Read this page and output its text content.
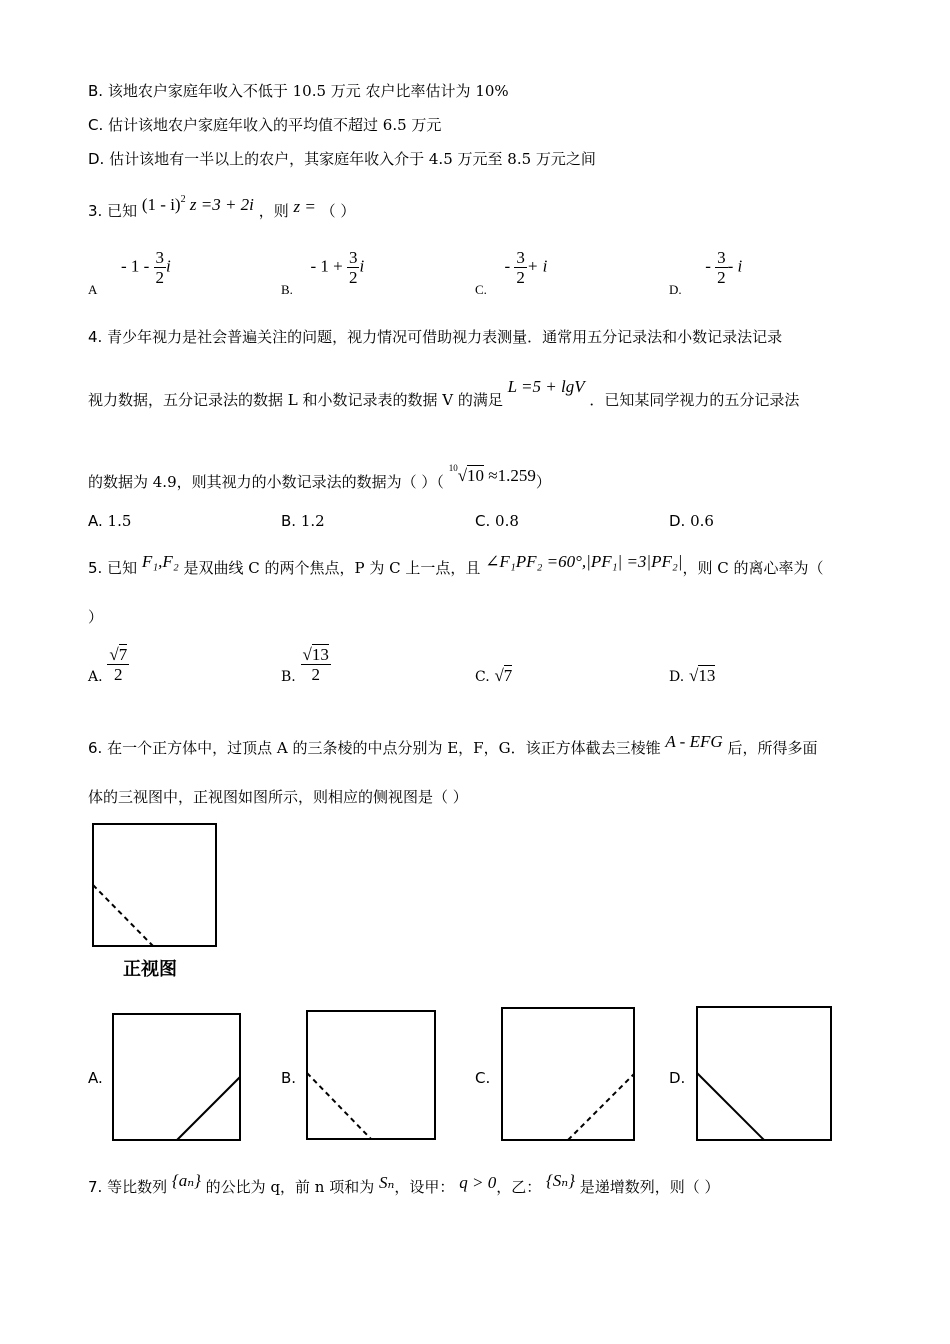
B. 该地农户家庭年收入不低于 10.5 万元 农户比率估计为 10%
C. 估计该地农户家庭年收入的平均值不超过 6.5 万元
D. 估计该地有一半以上的农户，其家庭年收入介于 4.5 万元至 8.5 万元之间
3. 已知 (1 - i)$^2$ z =3 + 2i ，则 z = （ ）
A  - $1 - \frac{3}{2}$ i
B.  - $1 + \frac{3}{2}$ i
C.  - $\frac{3}{2} + i$
D.  - $\frac{3}{2}$ - i
4. 青少年视力是社会普遍关注的问题，视力情况可借助视力表测量．通常用五分记录法和小数记录法记录
视力数据，五分记录法的数据 L 和小数记录表的数据 V 的满足 L =5 + lgV ．已知某同学视力的五分记录法
的数据为 4.9，则其视力的小数记录法的数据为（ ）（ $^{10}$√10 ≈1.259）
A. 1.5	B. 1.2	C. 0.8	D. 0.6
5. 已知 F₁,F₂ 是双曲线 C 的两个焦点，P 为 C 上一点，且 ∠F₁PF₂ =60°,|PF₁| =3|PF₂|，则 C 的离心率为（
）
A. $\frac{√7}{2}$	B. $\frac{√13}{2}$	C. √7	D. √13
6. 在一个正方体中，过顶点 A 的三条棱的中点分别为 E，F，G．该正方体截去三棱锥 A - EFG 后，所得多面
体的三视图中，正视图如图所示，则相应的侧视图是（ ）
正视图
A.	B.	C.	D.
7. 等比数列 {aₙ} 的公比为 q，前 n 项和为 Sₙ，设甲： q > 0，乙： {Sₙ} 是递增数列，则（ ）
